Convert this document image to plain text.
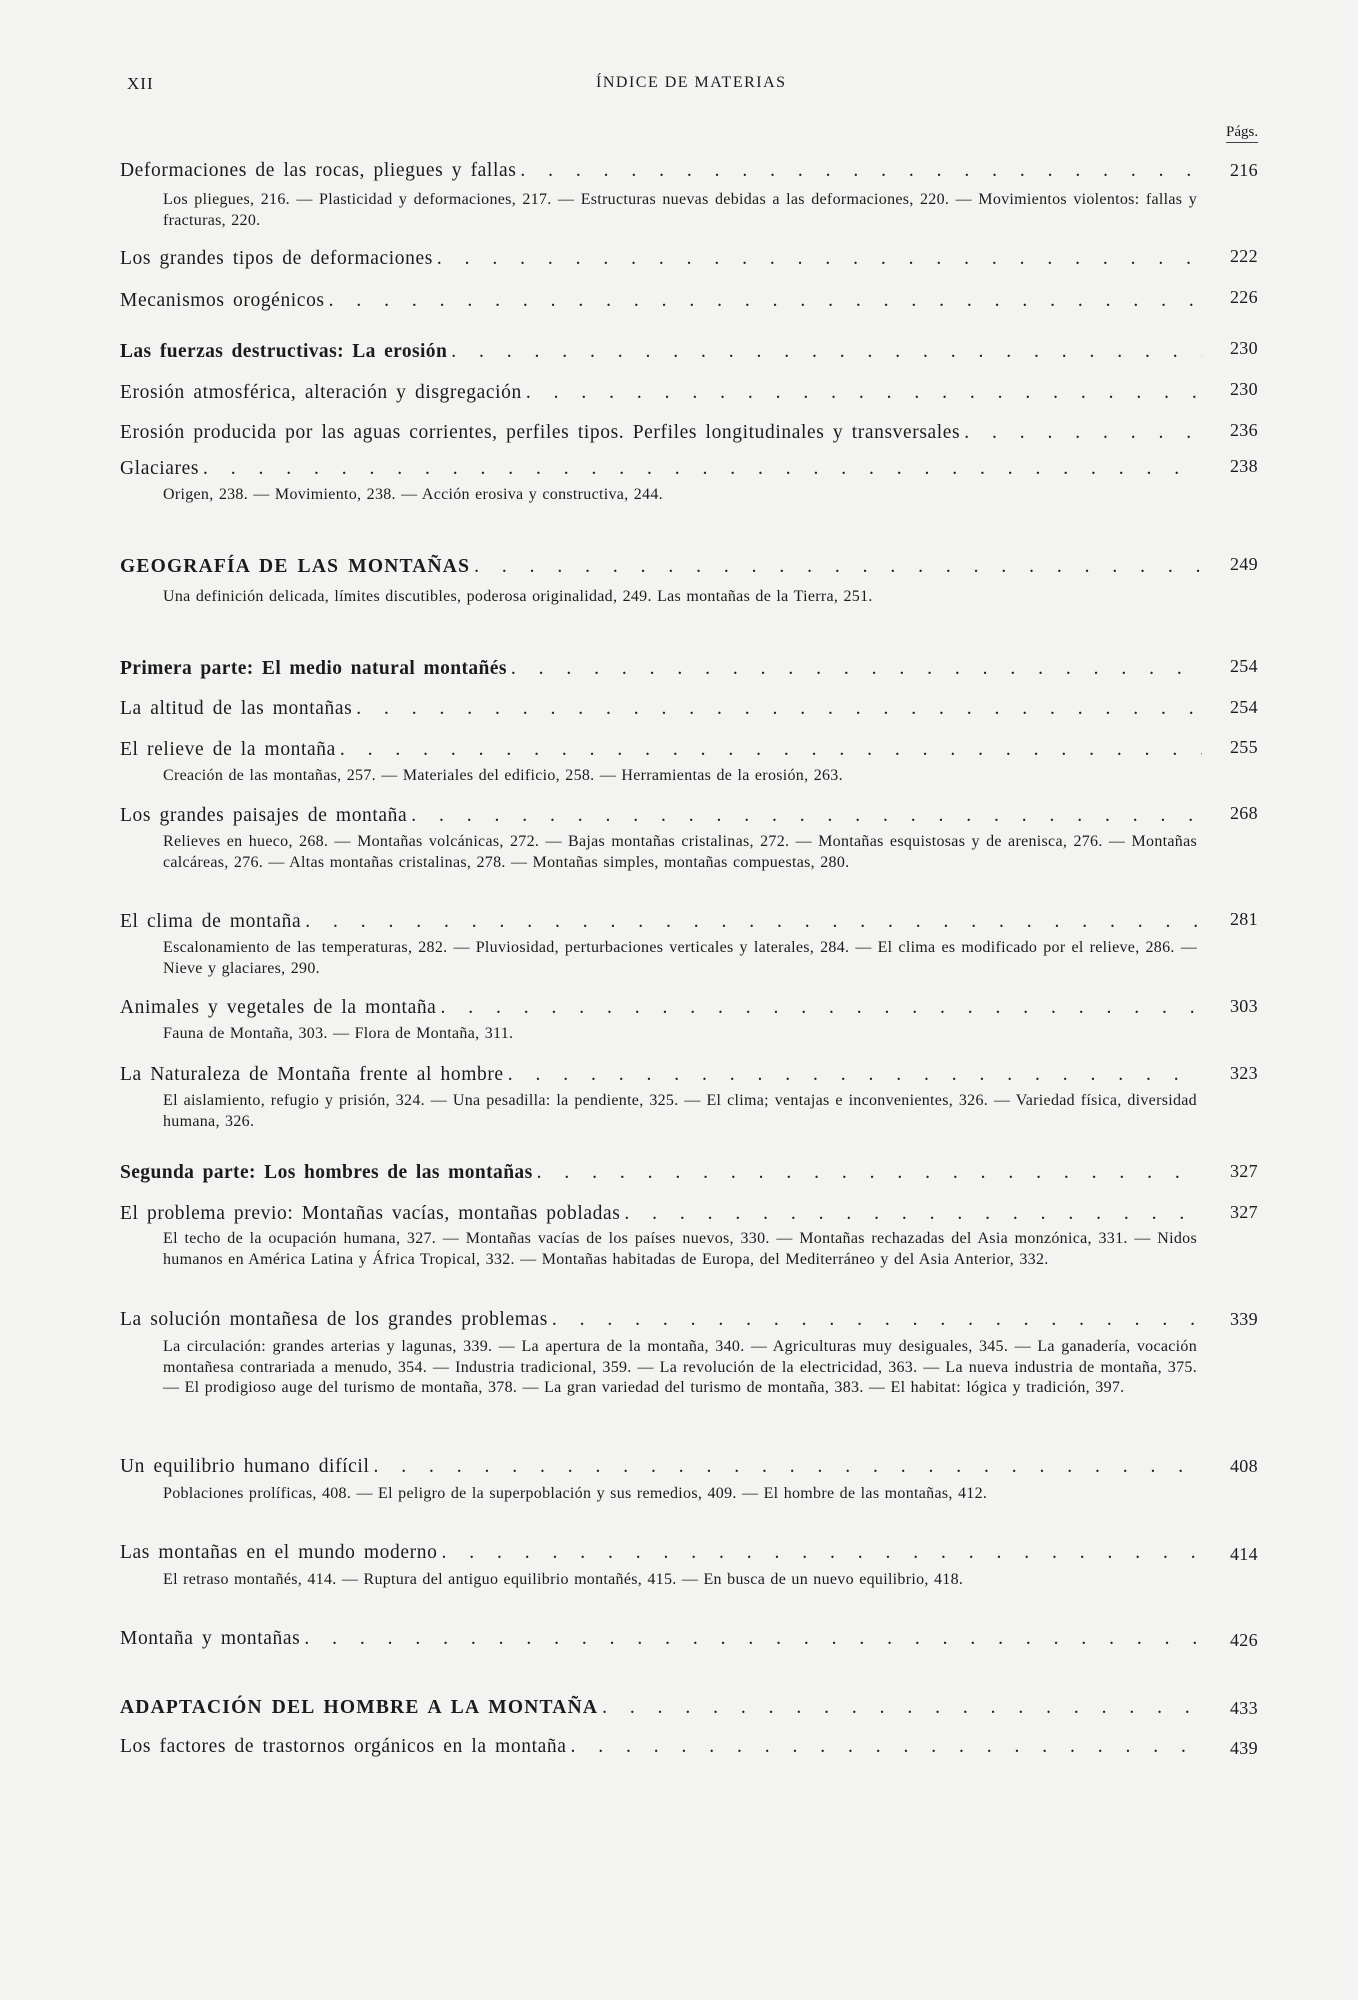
XII	ÍNDICE DE MATERIAS
Págs.
Deformaciones de las rocas, pliegues y fallas . . .	216
Los pliegues, 216. — Plasticidad y deformaciones, 217. — Estructuras nuevas debidas a las deformaciones, 220. — Movimientos violentos: fallas y fracturas, 220.
Los grandes tipos de deformaciones . . .	222
Mecanismos orogénicos . . .	226
Las fuerzas destructivas: La erosión . . .	230
Erosión atmosférica, alteración y disgregación . . .	230
Erosión producida por las aguas corrientes, perfiles tipos. Perfiles longitudinales y transversales . . .	236
Glaciares . . .	238
Origen, 238. — Movimiento, 238. — Acción erosiva y constructiva, 244.
GEOGRAFÍA DE LAS MONTAÑAS . . .	249
Una definición delicada, límites discutibles, poderosa originalidad, 249. Las montañas de la Tierra, 251.
Primera parte: El medio natural montañés . . .	254
La altitud de las montañas . . .	254
El relieve de la montaña . . .	255
Creación de las montañas, 257. — Materiales del edificio, 258. — Herramientas de la erosión, 263.
Los grandes paisajes de montaña . . .	268
Relieves en hueco, 268. — Montañas volcánicas, 272. — Bajas montañas cristalinas, 272. — Montañas esquistosas y de arenisca, 276. — Montañas calcáreas, 276. — Altas montañas cristalinas, 278. — Montañas simples, montañas compuestas, 280.
El clima de montaña . . .	281
Escalonamiento de las temperaturas, 282. — Pluviosidad, perturbaciones verticales y laterales, 284. — El clima es modificado por el relieve, 286. — Nieve y glaciares, 290.
Animales y vegetales de la montaña . . .	303
Fauna de Montaña, 303. — Flora de Montaña, 311.
La Naturaleza de Montaña frente al hombre . . .	323
El aislamiento, refugio y prisión, 324. — Una pesadilla: la pendiente, 325. — El clima; ventajas e inconvenientes, 326. — Variedad física, diversidad humana, 326.
Segunda parte: Los hombres de las montañas . . .	327
El problema previo: Montañas vacías, montañas pobladas . . .	327
El techo de la ocupación humana, 327. — Montañas vacías de los países nuevos, 330. — Montañas rechazadas del Asia monzónica, 331. — Nidos humanos en América Latina y África Tropical, 332. — Montañas habitadas de Europa, del Mediterráneo y del Asia Anterior, 332.
La solución montañesa de los grandes problemas . . .	339
La circulación: grandes arterias y lagunas, 339. — La apertura de la montaña, 340. — Agriculturas muy desiguales, 345. — La ganadería, vocación montañesa contrariada a menudo, 354. — Industria tradicional, 359. — La revolución de la electricidad, 363. — La nueva industria de montaña, 375. — El prodigioso auge del turismo de montaña, 378. — La gran variedad del turismo de montaña, 383. — El habitat: lógica y tradición, 397.
Un equilibrio humano difícil . . .	408
Poblaciones prolíficas, 408. — El peligro de la superpoblación y sus remedios, 409. — El hombre de las montañas, 412.
Las montañas en el mundo moderno . . .	414
El retraso montañés, 414. — Ruptura del antiguo equilibrio montañés, 415. — En busca de un nuevo equilibrio, 418.
Montaña y montañas . . .	426
ADAPTACIÓN DEL HOMBRE A LA MONTAÑA . . .	433
Los factores de trastornos orgánicos en la montaña . . .	439
